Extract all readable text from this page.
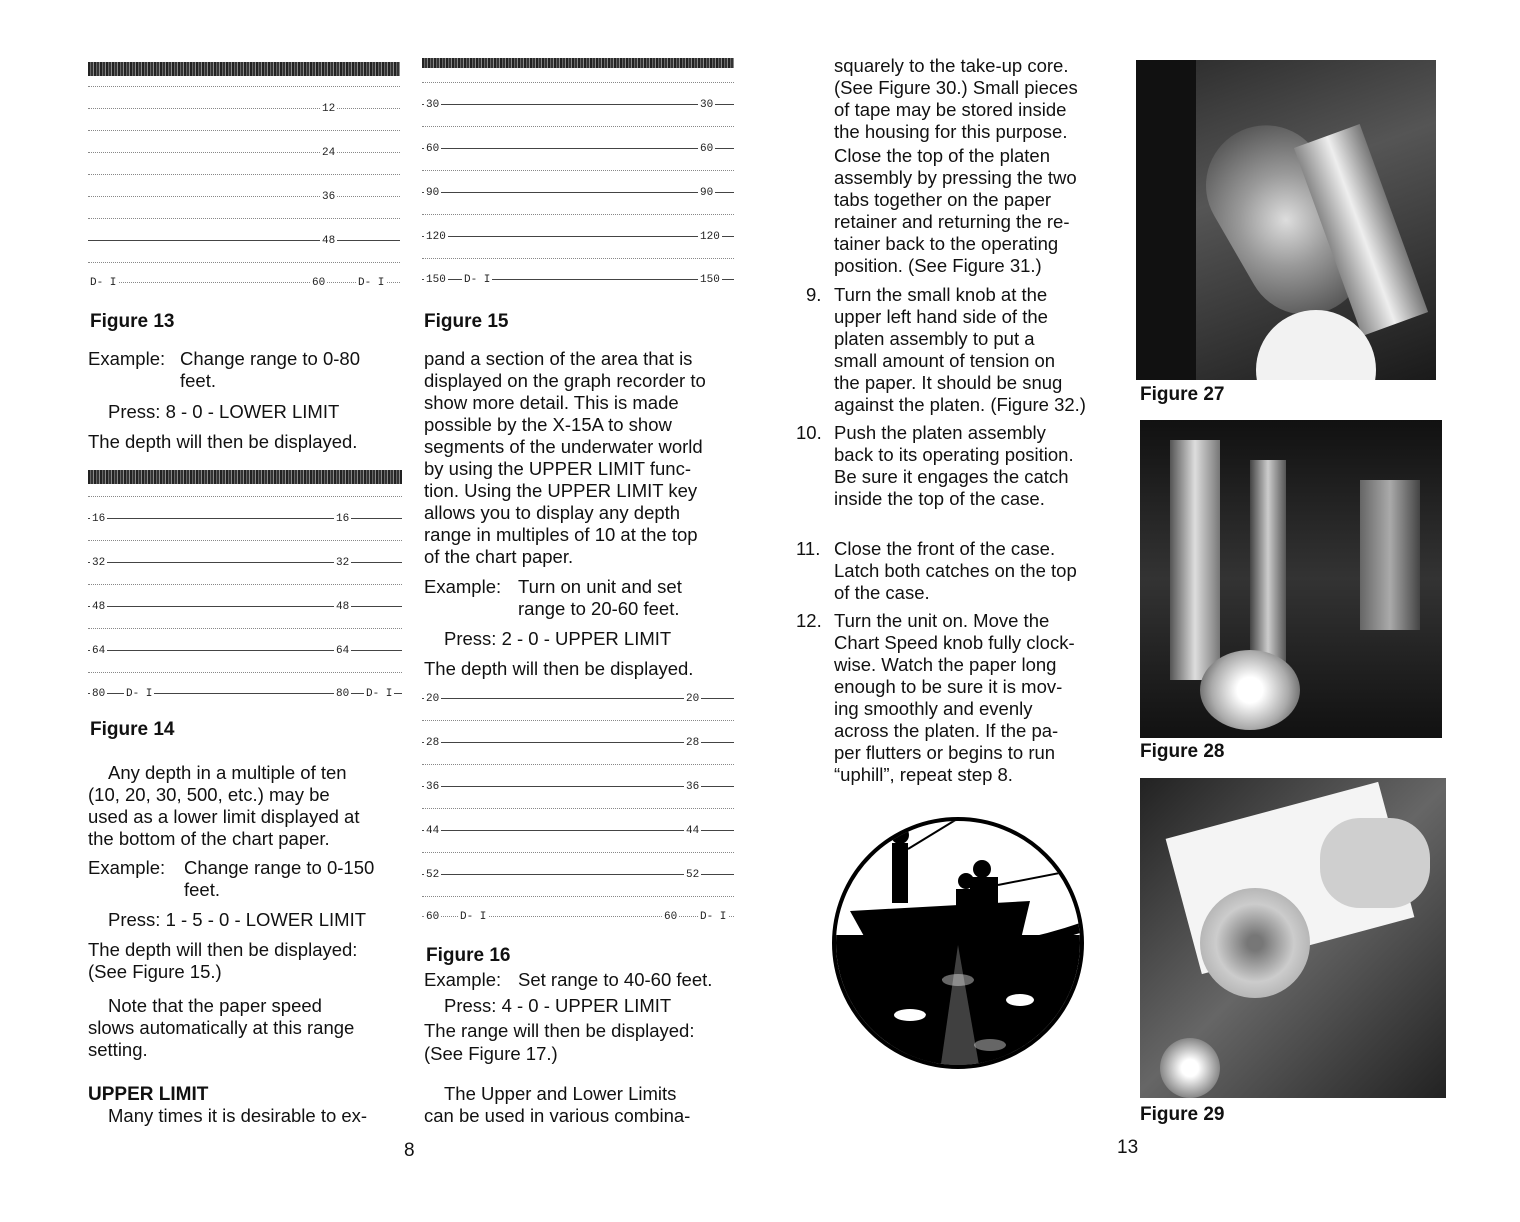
12
24
36
48
D- I	60	D- I
Figure 13
Example: Change range to 0-80
feet.
Press: 8 - 0 - LOWER LIMIT
The depth will then be displayed.
16	16
32	32
48	48
64	64
80 D- I	80 D- I
Figure 14
Any depth in a multiple of ten
(10, 20, 30, 500, etc.) may be
used as a lower limit displayed at
the bottom of the chart paper.
Example: Change range to 0-150
feet.
Press: 1 - 5 - 0 - LOWER LIMIT
The depth will then be displayed:
(See Figure 15.)
Note that the paper speed
slows automatically at this range
setting.
UPPER LIMIT
Many times it is desirable to ex-
30	30
60	60
90	90
120	120
150 D- I	150
Figure 15
pand a section of the area that is
displayed on the graph recorder to
show more detail. This is made
possible by the X-15A to show
segments of the underwater world
by using the UPPER LIMIT func-
tion. Using the UPPER LIMIT key
allows you to display any depth
range in multiples of 10 at the top
of the chart paper.
Example: Turn on unit and set
range to 20-60 feet.
Press: 2 - 0 - UPPER LIMIT
The depth will then be displayed.
20	20
28	28
36	36
44	44
52	52
60 D- I	60 D- I
Figure 16
Example: Set range to 40-60 feet.
Press: 4 - 0 - UPPER LIMIT
The range will then be displayed:
(See Figure 17.)
The Upper and Lower Limits
can be used in various combina-
8
squarely to the take-up core.
(See Figure 30.) Small pieces
of tape may be stored inside
the housing for this purpose.
Close the top of the platen
assembly by pressing the two
tabs together on the paper
retainer and returning the re-
tainer back to the operating
position. (See Figure 31.)
9. Turn the small knob at the
upper left hand side of the
platen assembly to put a
small amount of tension on
the paper. It should be snug
against the platen. (Figure 32.)
10. Push the platen assembly
back to its operating position.
Be sure it engages the catch
inside the top of the case.
11. Close the front of the case.
Latch both catches on the top
of the case.
12. Turn the unit on. Move the
Chart Speed knob fully clock-
wise. Watch the paper long
enough to be sure it is mov-
ing smoothly and evenly
across the platen. If the pa-
per flutters or begins to run
“uphill”, repeat step 8.
Figure 27
Figure 28
Figure 29
13
